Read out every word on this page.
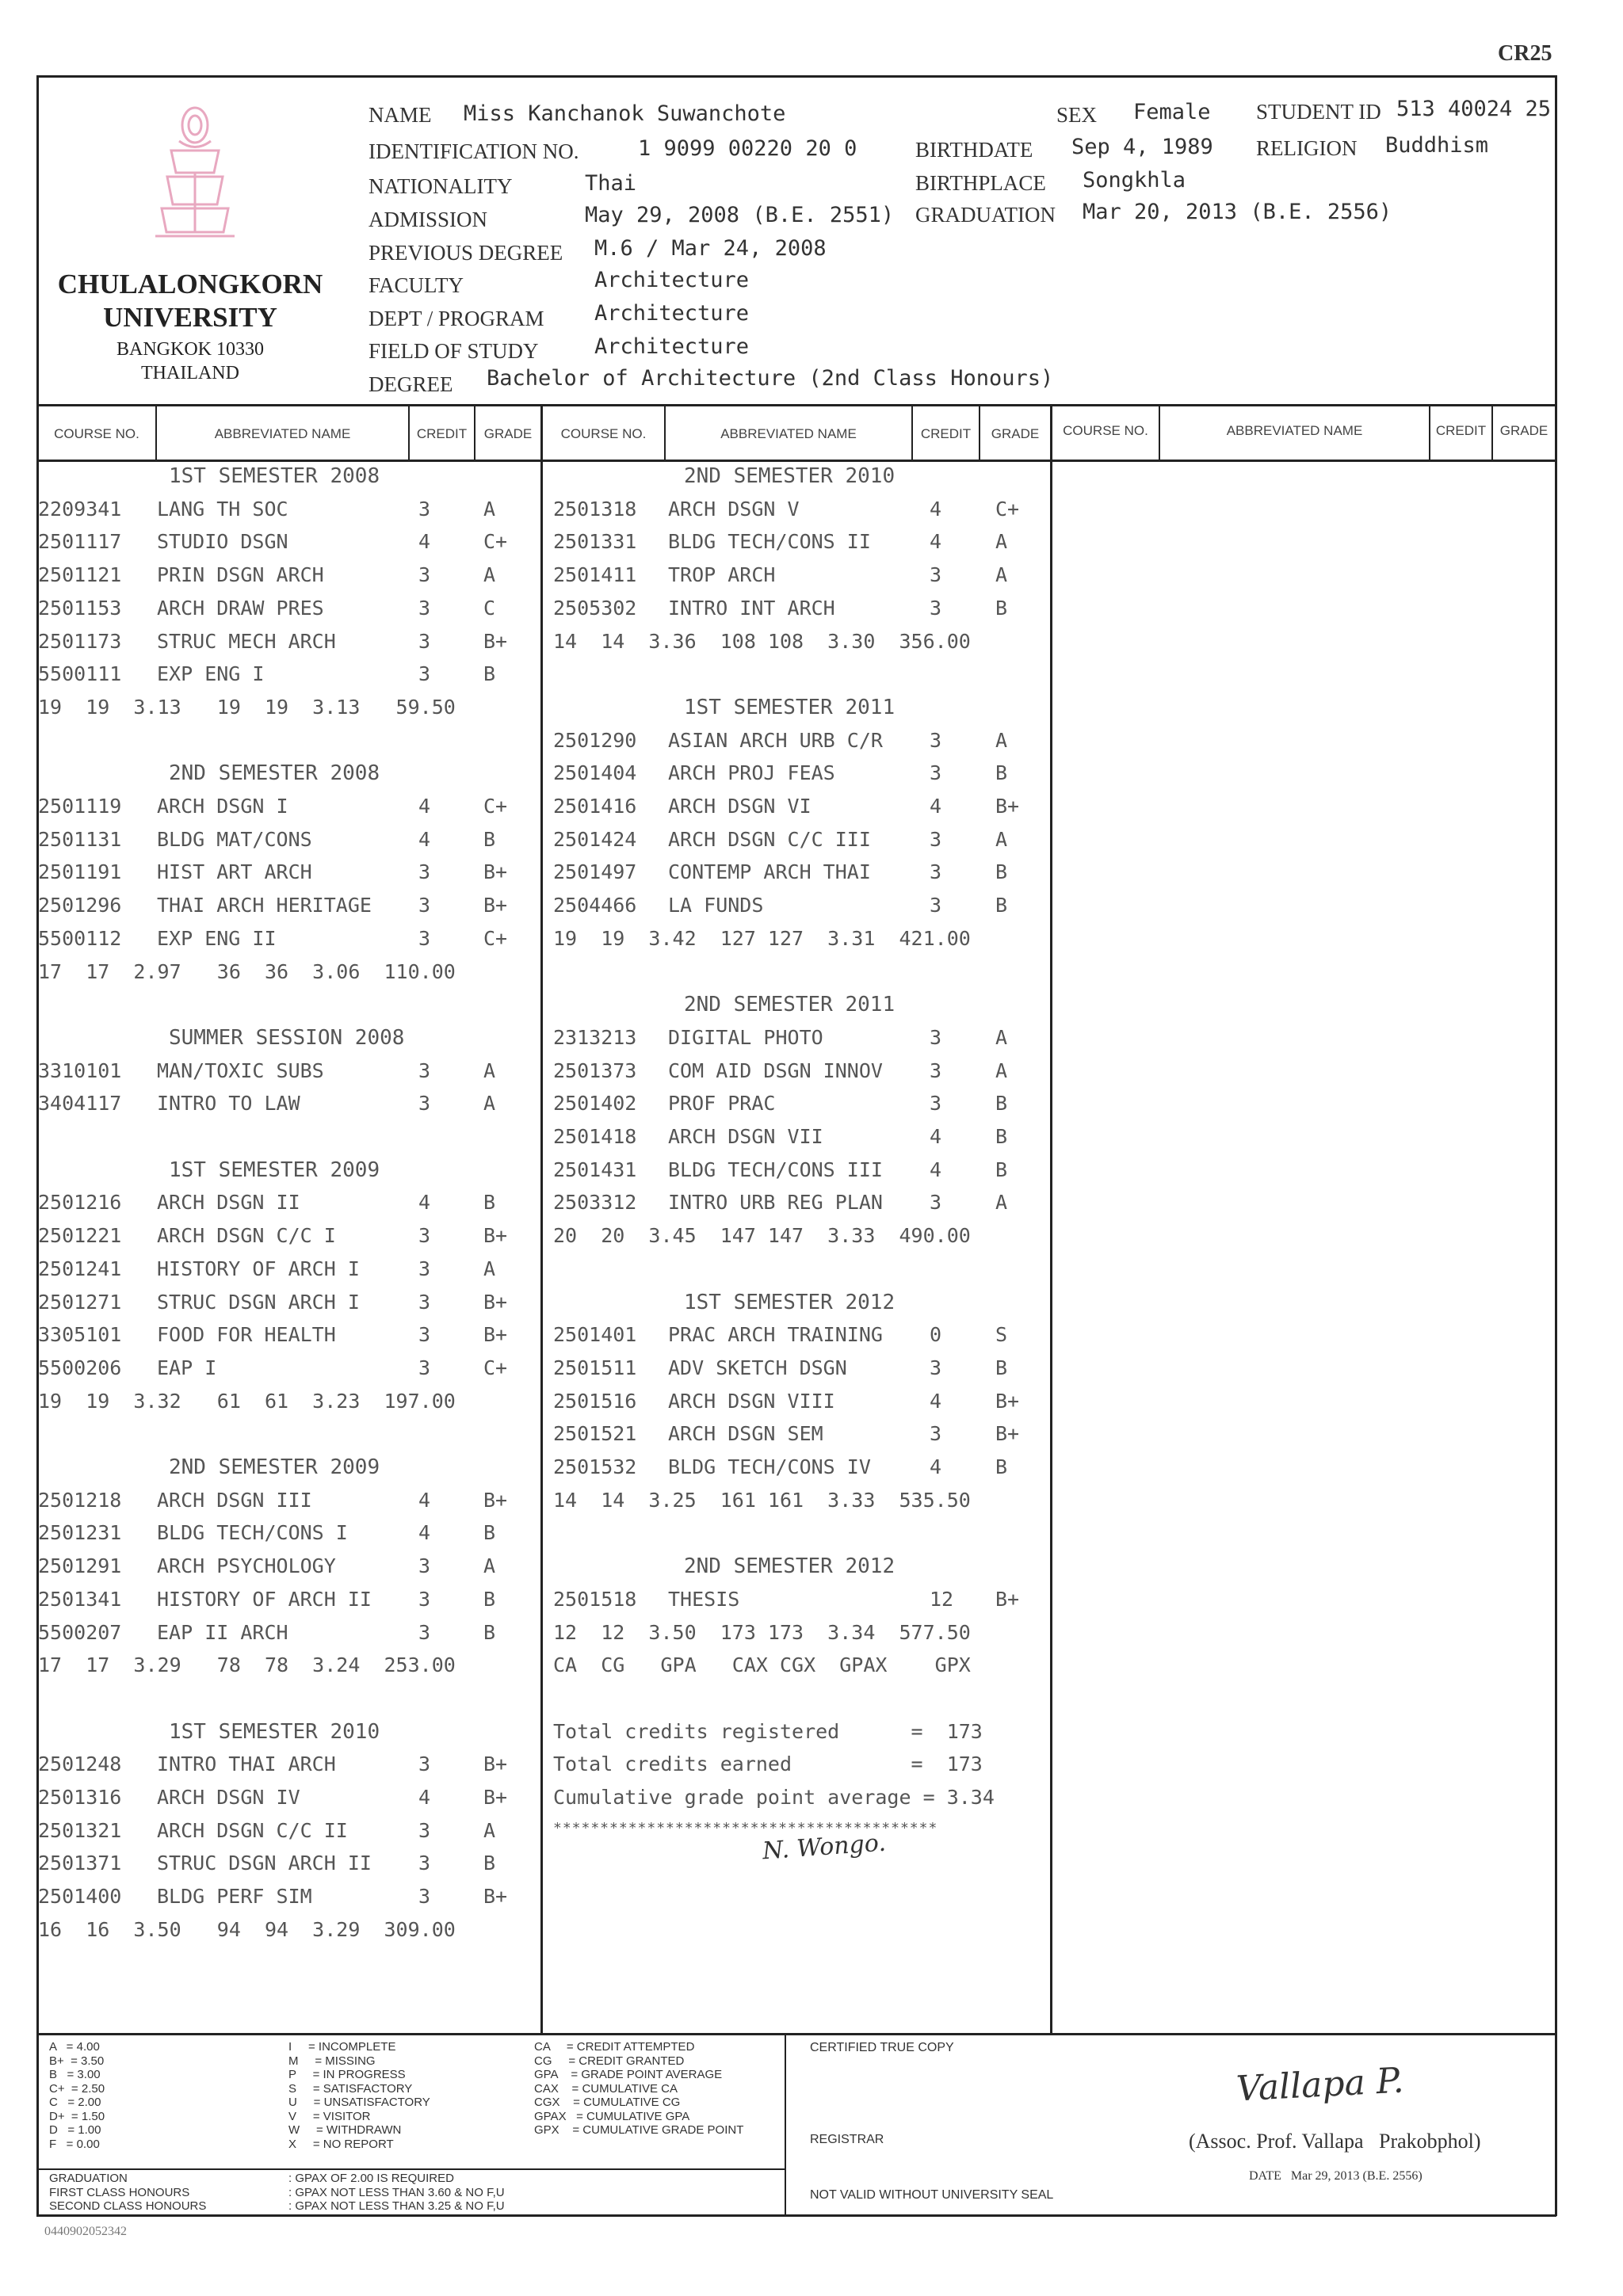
CR25
CHULALONGKORN
UNIVERSITY
BANGKOK 10330
THAILAND
NAME Miss Kanchanok Suwanchote	SEX Female STUDENT ID 513 40024 25
IDENTIFICATION NO.	1 9099 00220 20 0	BIRTHDATE Sep 4, 1989 RELIGION Buddhism
NATIONALITY	Thai	BIRTHPLACE Songkhla
ADMISSION	May 29, 2008 (B.E. 2551) GRADUATION Mar 20, 2013 (B.E. 2556)
PREVIOUS DEGREE M.6 / Mar 24, 2008
FACULTY	Architecture
DEPT / PROGRAM Architecture
FIELD OF STUDY	Architecture
DEGREE Bachelor of Architecture (2nd Class Honours)
COURSE NO.	ABBREVIATED NAME	CREDIT	GRADE	COURSE NO.	ABBREVIATED NAME	CREDIT	GRADE	COURSE NO.	ABBREVIATED NAME	CREDIT	GRADE
1ST SEMESTER 2008
2209341 LANG TH SOC	3	A
2501117 STUDIO DSGN	4	C+
2501121 PRIN DSGN ARCH	3	A
2501153 ARCH DRAW PRES	3	C
2501173 STRUC MECH ARCH	3	B+
5500111 EXP ENG I	3	B
19  19  3.13   19  19  3.13   59.50
2ND SEMESTER 2008
2501119 ARCH DSGN I	4	C+
2501131 BLDG MAT/CONS	4	B
2501191 HIST ART ARCH	3	B+
2501296 THAI ARCH HERITAGE 3	B+
5500112 EXP ENG II	3	C+
17  17  2.97   36  36  3.06  110.00
SUMMER SESSION 2008
3310101 MAN/TOXIC SUBS	3	A
3404117 INTRO TO LAW	3	A
1ST SEMESTER 2009
2501216 ARCH DSGN II	4	B
2501221 ARCH DSGN C/C I	3	B+
2501241 HISTORY OF ARCH I	3	A
2501271 STRUC DSGN ARCH I	3	B+
3305101 FOOD FOR HEALTH	3	B+
5500206 EAP I	3	C+
19  19  3.32   61  61  3.23  197.00
2ND SEMESTER 2009
2501218 ARCH DSGN III	4	B+
2501231 BLDG TECH/CONS I	4	B
2501291 ARCH PSYCHOLOGY	3	A
2501341 HISTORY OF ARCH II 3	B
5500207 EAP II ARCH	3	B
17  17  3.29   78  78  3.24  253.00
1ST SEMESTER 2010
2501248 INTRO THAI ARCH	3	B+
2501316 ARCH DSGN IV	4	B+
2501321 ARCH DSGN C/C II	3	A
2501371 STRUC DSGN ARCH II 3	B
2501400 BLDG PERF SIM	3	B+
16  16  3.50   94  94  3.29  309.00
2ND SEMESTER 2010
2501318 ARCH DSGN V	4	C+
2501331 BLDG TECH/CONS II	4	A
2501411 TROP ARCH	3	A
2505302 INTRO INT ARCH	3	B
14  14  3.36  108 108  3.30  356.00
1ST SEMESTER 2011
2501290 ASIAN ARCH URB C/R 3	A
2501404 ARCH PROJ FEAS	3	B
2501416 ARCH DSGN VI	4	B+
2501424 ARCH DSGN C/C III	3	A
2501497 CONTEMP ARCH THAI	3	B
2504466 LA FUNDS	3	B
19  19  3.42  127 127  3.31  421.00
2ND SEMESTER 2011
2313213 DIGITAL PHOTO	3	A
2501373 COM AID DSGN INNOV 3	A
2501402 PROF PRAC	3	B
2501418 ARCH DSGN VII	4	B
2501431 BLDG TECH/CONS III 4	B
2503312 INTRO URB REG PLAN 3	A
20  20  3.45  147 147  3.33  490.00
1ST SEMESTER 2012
2501401 PRAC ARCH TRAINING 0	S
2501511 ADV SKETCH DSGN	3	B
2501516 ARCH DSGN VIII	4	B+
2501521 ARCH DSGN SEM	3	B+
2501532 BLDG TECH/CONS IV	4	B
14  14  3.25  161 161  3.33  535.50
2ND SEMESTER 2012
2501518 THESIS	12 B+
12  12  3.50  173 173  3.34  577.50
CA  CG   GPA   CAX CGX  GPAX    GPX
Total credits registered      =  173
Total credits earned          =  173
Cumulative grade point average = 3.34
*****************************************
N. Wongo.
A   = 4.00
B+  = 3.50
B   = 3.00
C+  = 2.50
C   = 2.00
D+  = 1.50
D   = 1.00
F   = 0.00
I     = INCOMPLETE
M     = MISSING
P     = IN PROGRESS
S     = SATISFACTORY
U     = UNSATISFACTORY
V     = VISITOR
W     = WITHDRAWN
X     = NO REPORT
CA     = CREDIT ATTEMPTED
CG     = CREDIT GRANTED
GPA    = GRADE POINT AVERAGE
CAX    = CUMULATIVE CA
CGX    = CUMULATIVE CG
GPAX   = CUMULATIVE GPA
GPX    = CUMULATIVE GRADE POINT
GRADUATION
FIRST CLASS HONOURS
SECOND CLASS HONOURS
: GPAX OF 2.00 IS REQUIRED
: GPAX NOT LESS THAN 3.60 & NO F,U
: GPAX NOT LESS THAN 3.25 & NO F,U
CERTIFIED TRUE COPY
REGISTRAR
NOT VALID WITHOUT UNIVERSITY SEAL
Vallapa P.
(Assoc. Prof. Vallapa   Prakobphol)
DATE   Mar 29, 2013 (B.E. 2556)
0440902052342
